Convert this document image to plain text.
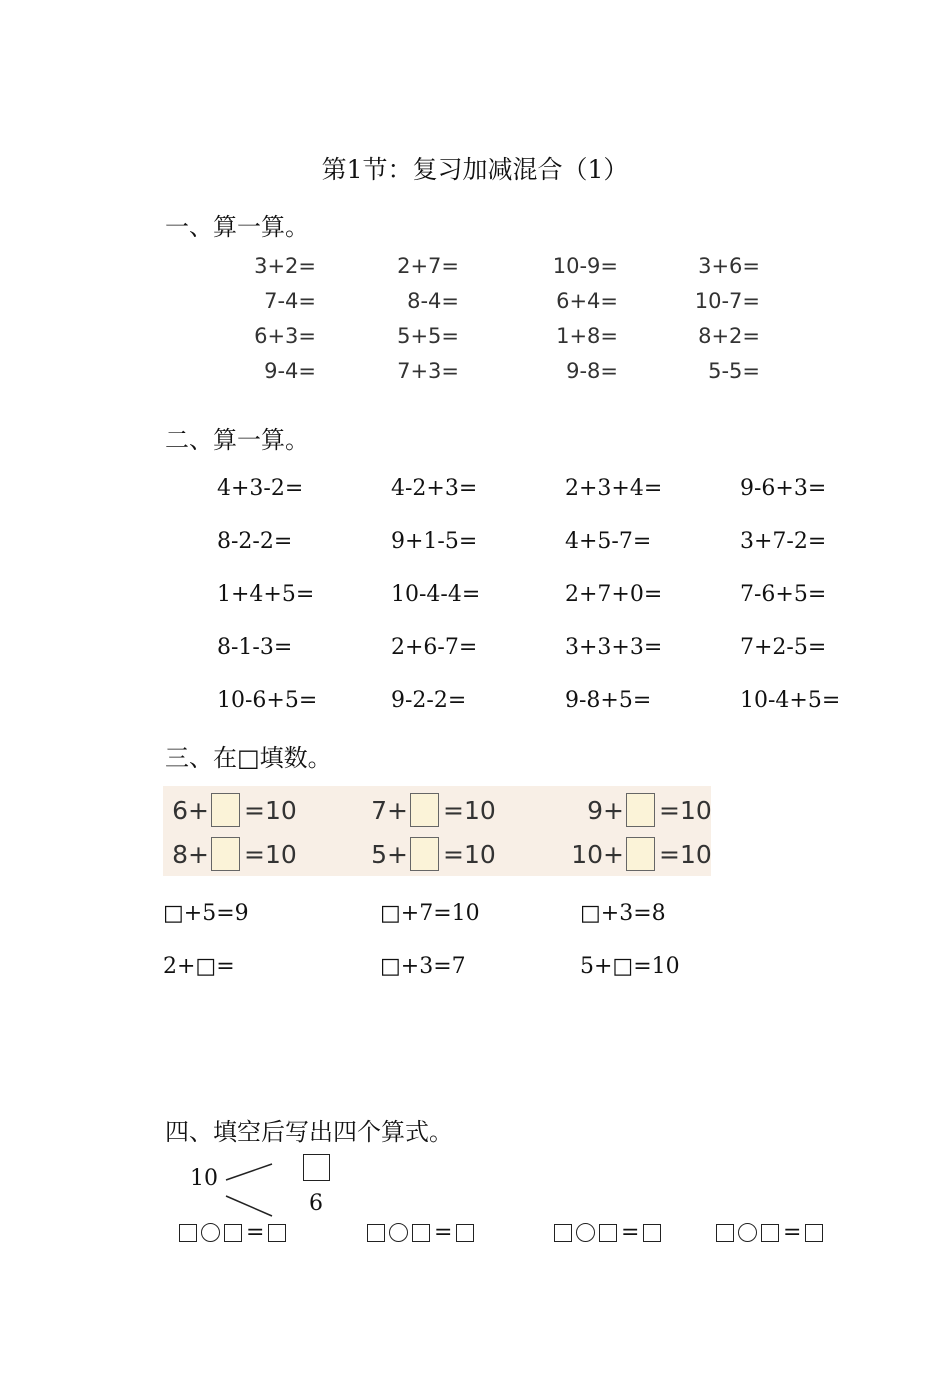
第1节：复习加减混合（1）
一、算一算。
3+2=	2+7=	10-9=	3+6=
7-4=	8-4=	6+4=	10-7=
6+3=	5+5=	1+8=	8+2=
9-4=	7+3=	9-8=	5-5=
二、算一算。
4+3-2=	4-2+3=	2+3+4=	9-6+3=
8-2-2=	9+1-5=	4+5-7=	3+7-2=
1+4+5=	10-4-4=	2+7+0=	7-6+5=
8-1-3=	2+6-7=	3+3+3=	7+2-5=
10-6+5=	9-2-2=	9-8+5=	10-4+5=
三、在□填数。
6+ =10	7+ =10	9+ =10
8+ =10	5+ =10	10+ =10
□+5=9	□+7=10	□+3=8
2+□=	□+3=7	5+□=10
四、填空后写出四个算式。
10
6
=	=	=	=
